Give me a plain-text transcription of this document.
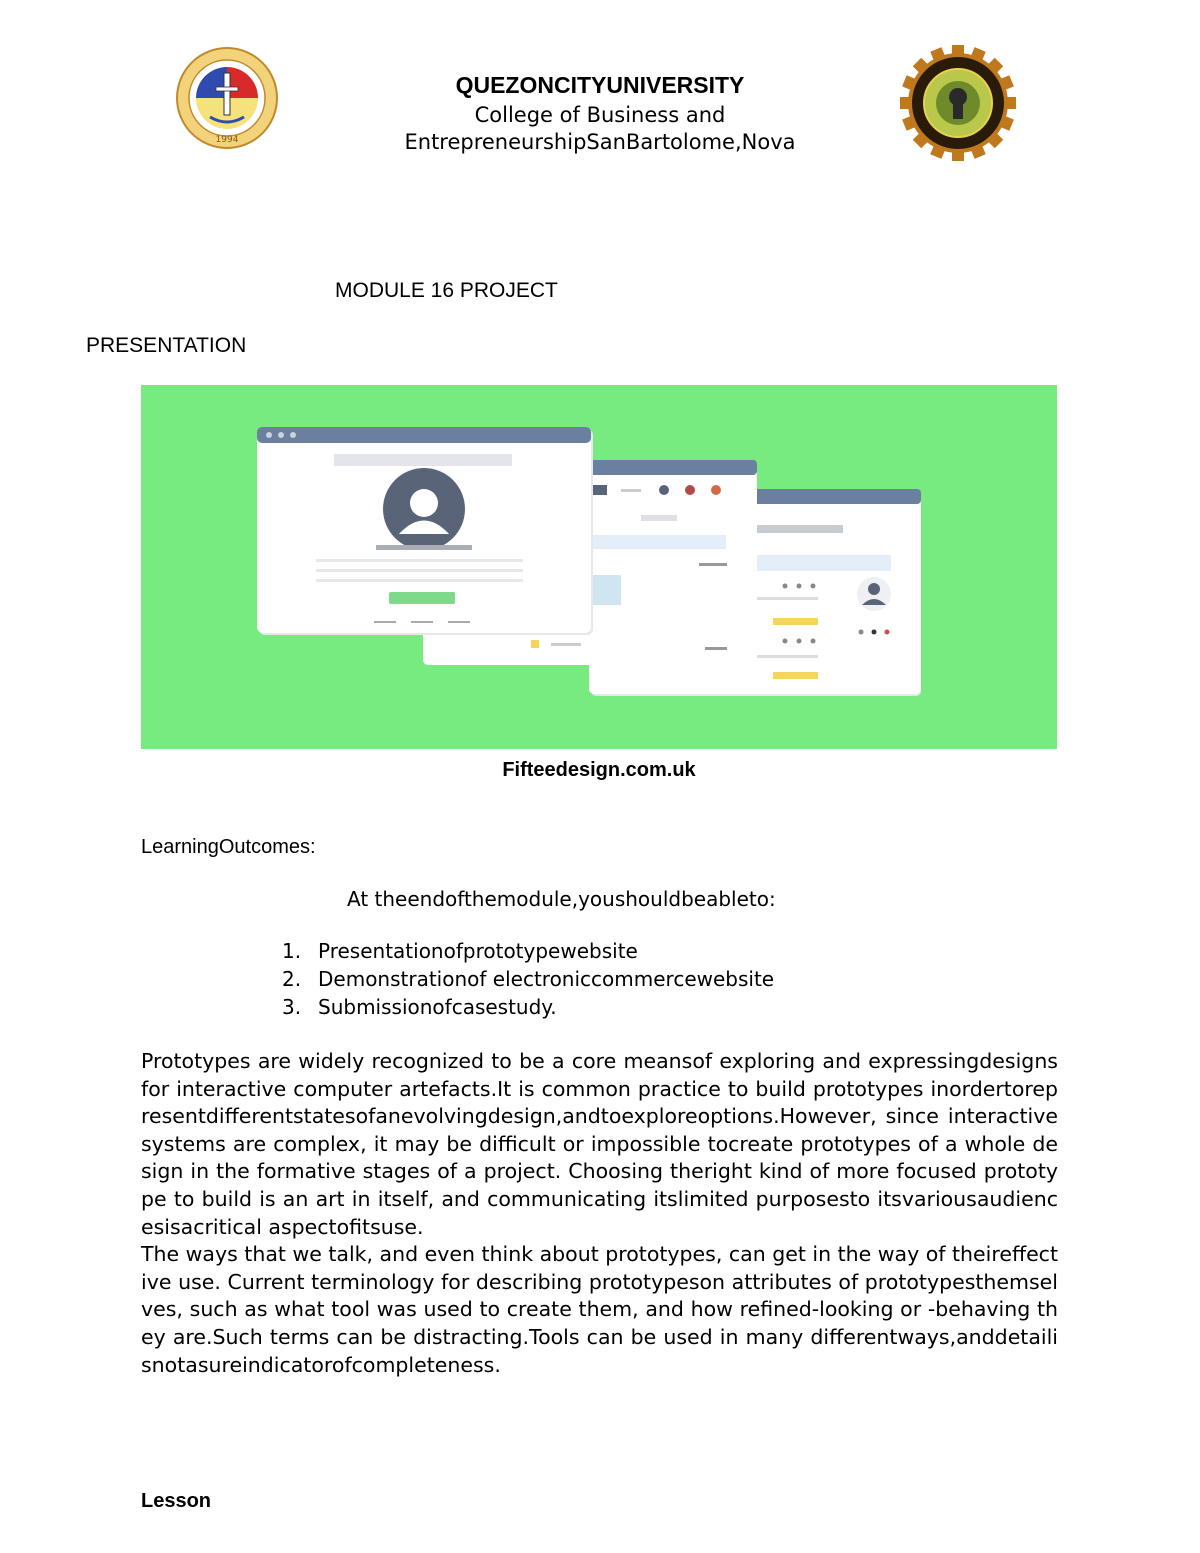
1994
QUEZONCITYUNIVERSITY
College of Business and
EntrepreneurshipSanBartolome,Nova
MODULE 16 PROJECT
PRESENTATION
Fifteedesign.com.uk
LearningOutcomes:
At theendofthemodule,youshouldbeableto:
1. Presentationofprototypewebsite
2. Demonstrationof electroniccommercewebsite
3. Submissionofcasestudy.

Prototypes are widely recognized to be a core meansof exploring and expressingdesigns for interactive computer artefacts.It is common practice to build prototypes inordertorepresentdifferentstatesofanevolvingdesign,andtoexploreoptions.However, since interactive systems are complex, it may be difficult or impossible tocreate prototypes of a whole design in the formative stages of a project. Choosing theright kind of more focused prototype to build is an art in itself, and communicating itslimited purposesto itsvariousaudiencesisacritical aspectofitsuse.

The ways that we talk, and even think about prototypes, can get in the way of theireffective use. Current terminology for describing prototypeson attributes of prototypesthemselves, such as what tool was used to create them, and how refined-looking or -behaving they are.Such terms can be distracting.Tools can be used in many differentways,anddetailisnotasureindicatorofcompleteness.

Lesson
